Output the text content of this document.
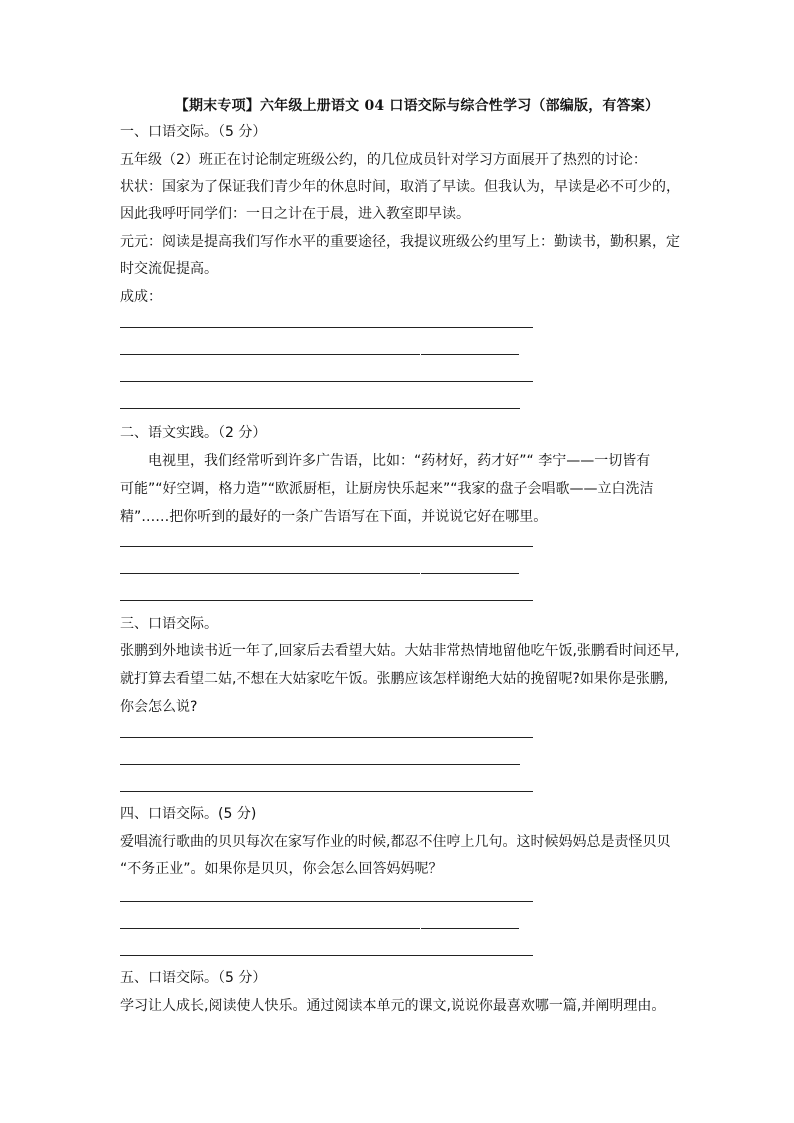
【期末专项】六年级上册语文 04 口语交际与综合性学习（部编版，有答案）
一、口语交际。（5 分）
五年级（2）班正在讨论制定班级公约，的几位成员针对学习方面展开了热烈的讨论：
状状：国家为了保证我们青少年的休息时间，取消了早读。但我认为，早读是必不可少的，
因此我呼吁同学们：一日之计在于晨，进入教室即早读。
元元：阅读是提高我们写作水平的重要途径，我提议班级公约里写上：勤读书，勤积累，定
时交流促提高。
成成：
二、语文实践。（2 分）
电视里，我们经常听到许多广告语，比如：“药材好，药才好”“ 李宁——一切皆有
可能”“好空调，格力造”“欧派厨柜，让厨房快乐起来”“我家的盘子会唱歌——立白洗洁
精”……把你听到的最好的一条广告语写在下面，并说说它好在哪里。
三、口语交际。
张鹏到外地读书近一年了,回家后去看望大姑。大姑非常热情地留他吃午饭,张鹏看时间还早,
就打算去看望二姑,不想在大姑家吃午饭。张鹏应该怎样谢绝大姑的挽留呢?如果你是张鹏,
你会怎么说?
四、口语交际。(5 分)
爱唱流行歌曲的贝贝每次在家写作业的时候,都忍不住哼上几句。这时候妈妈总是责怪贝贝
“不务正业”。如果你是贝贝，你会怎么回答妈妈呢？
五、口语交际。（5 分）
学习让人成长,阅读使人快乐。通过阅读本单元的课文,说说你最喜欢哪一篇,并阐明理由。
